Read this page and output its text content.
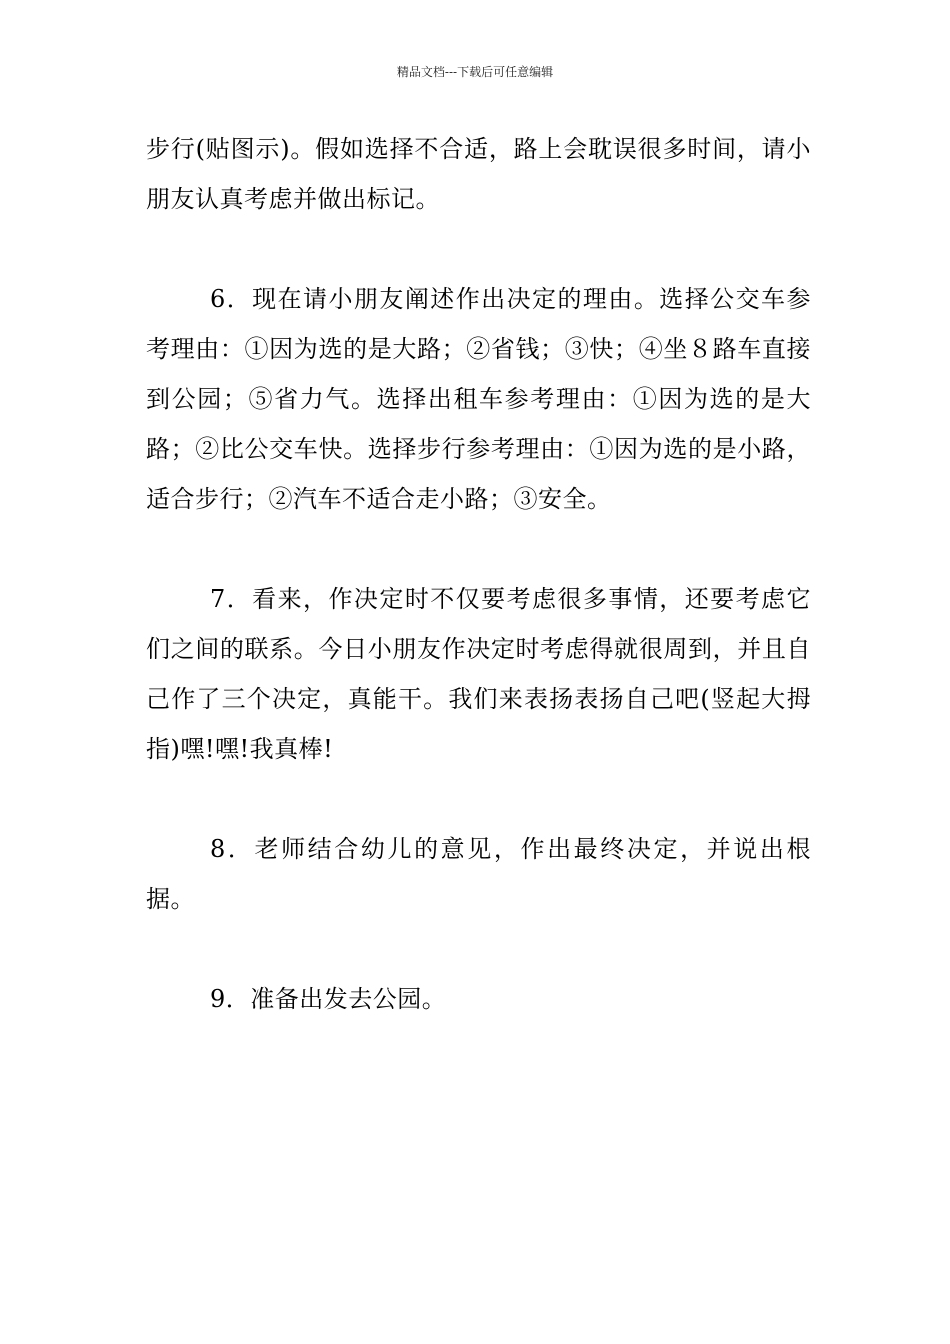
精品文档---下载后可任意编辑

步行(贴图示)。假如选择不合适，路上会耽误很多时间，请小朋友认真考虑并做出标记。

6．现在请小朋友阐述作出决定的理由。选择公交车参考理由：①因为选的是大路；②省钱；③快；④坐８路车直接到公园；⑤省力气。选择出租车参考理由：①因为选的是大路；②比公交车快。选择步行参考理由：①因为选的是小路，适合步行；②汽车不适合走小路；③安全。

7．看来，作决定时不仅要考虑很多事情，还要考虑它们之间的联系。今日小朋友作决定时考虑得就很周到，并且自己作了三个决定，真能干。我们来表扬表扬自己吧(竖起大拇指)嘿!嘿!我真棒!

8．老师结合幼儿的意见，作出最终决定，并说出根据。

9．准备出发去公园。
